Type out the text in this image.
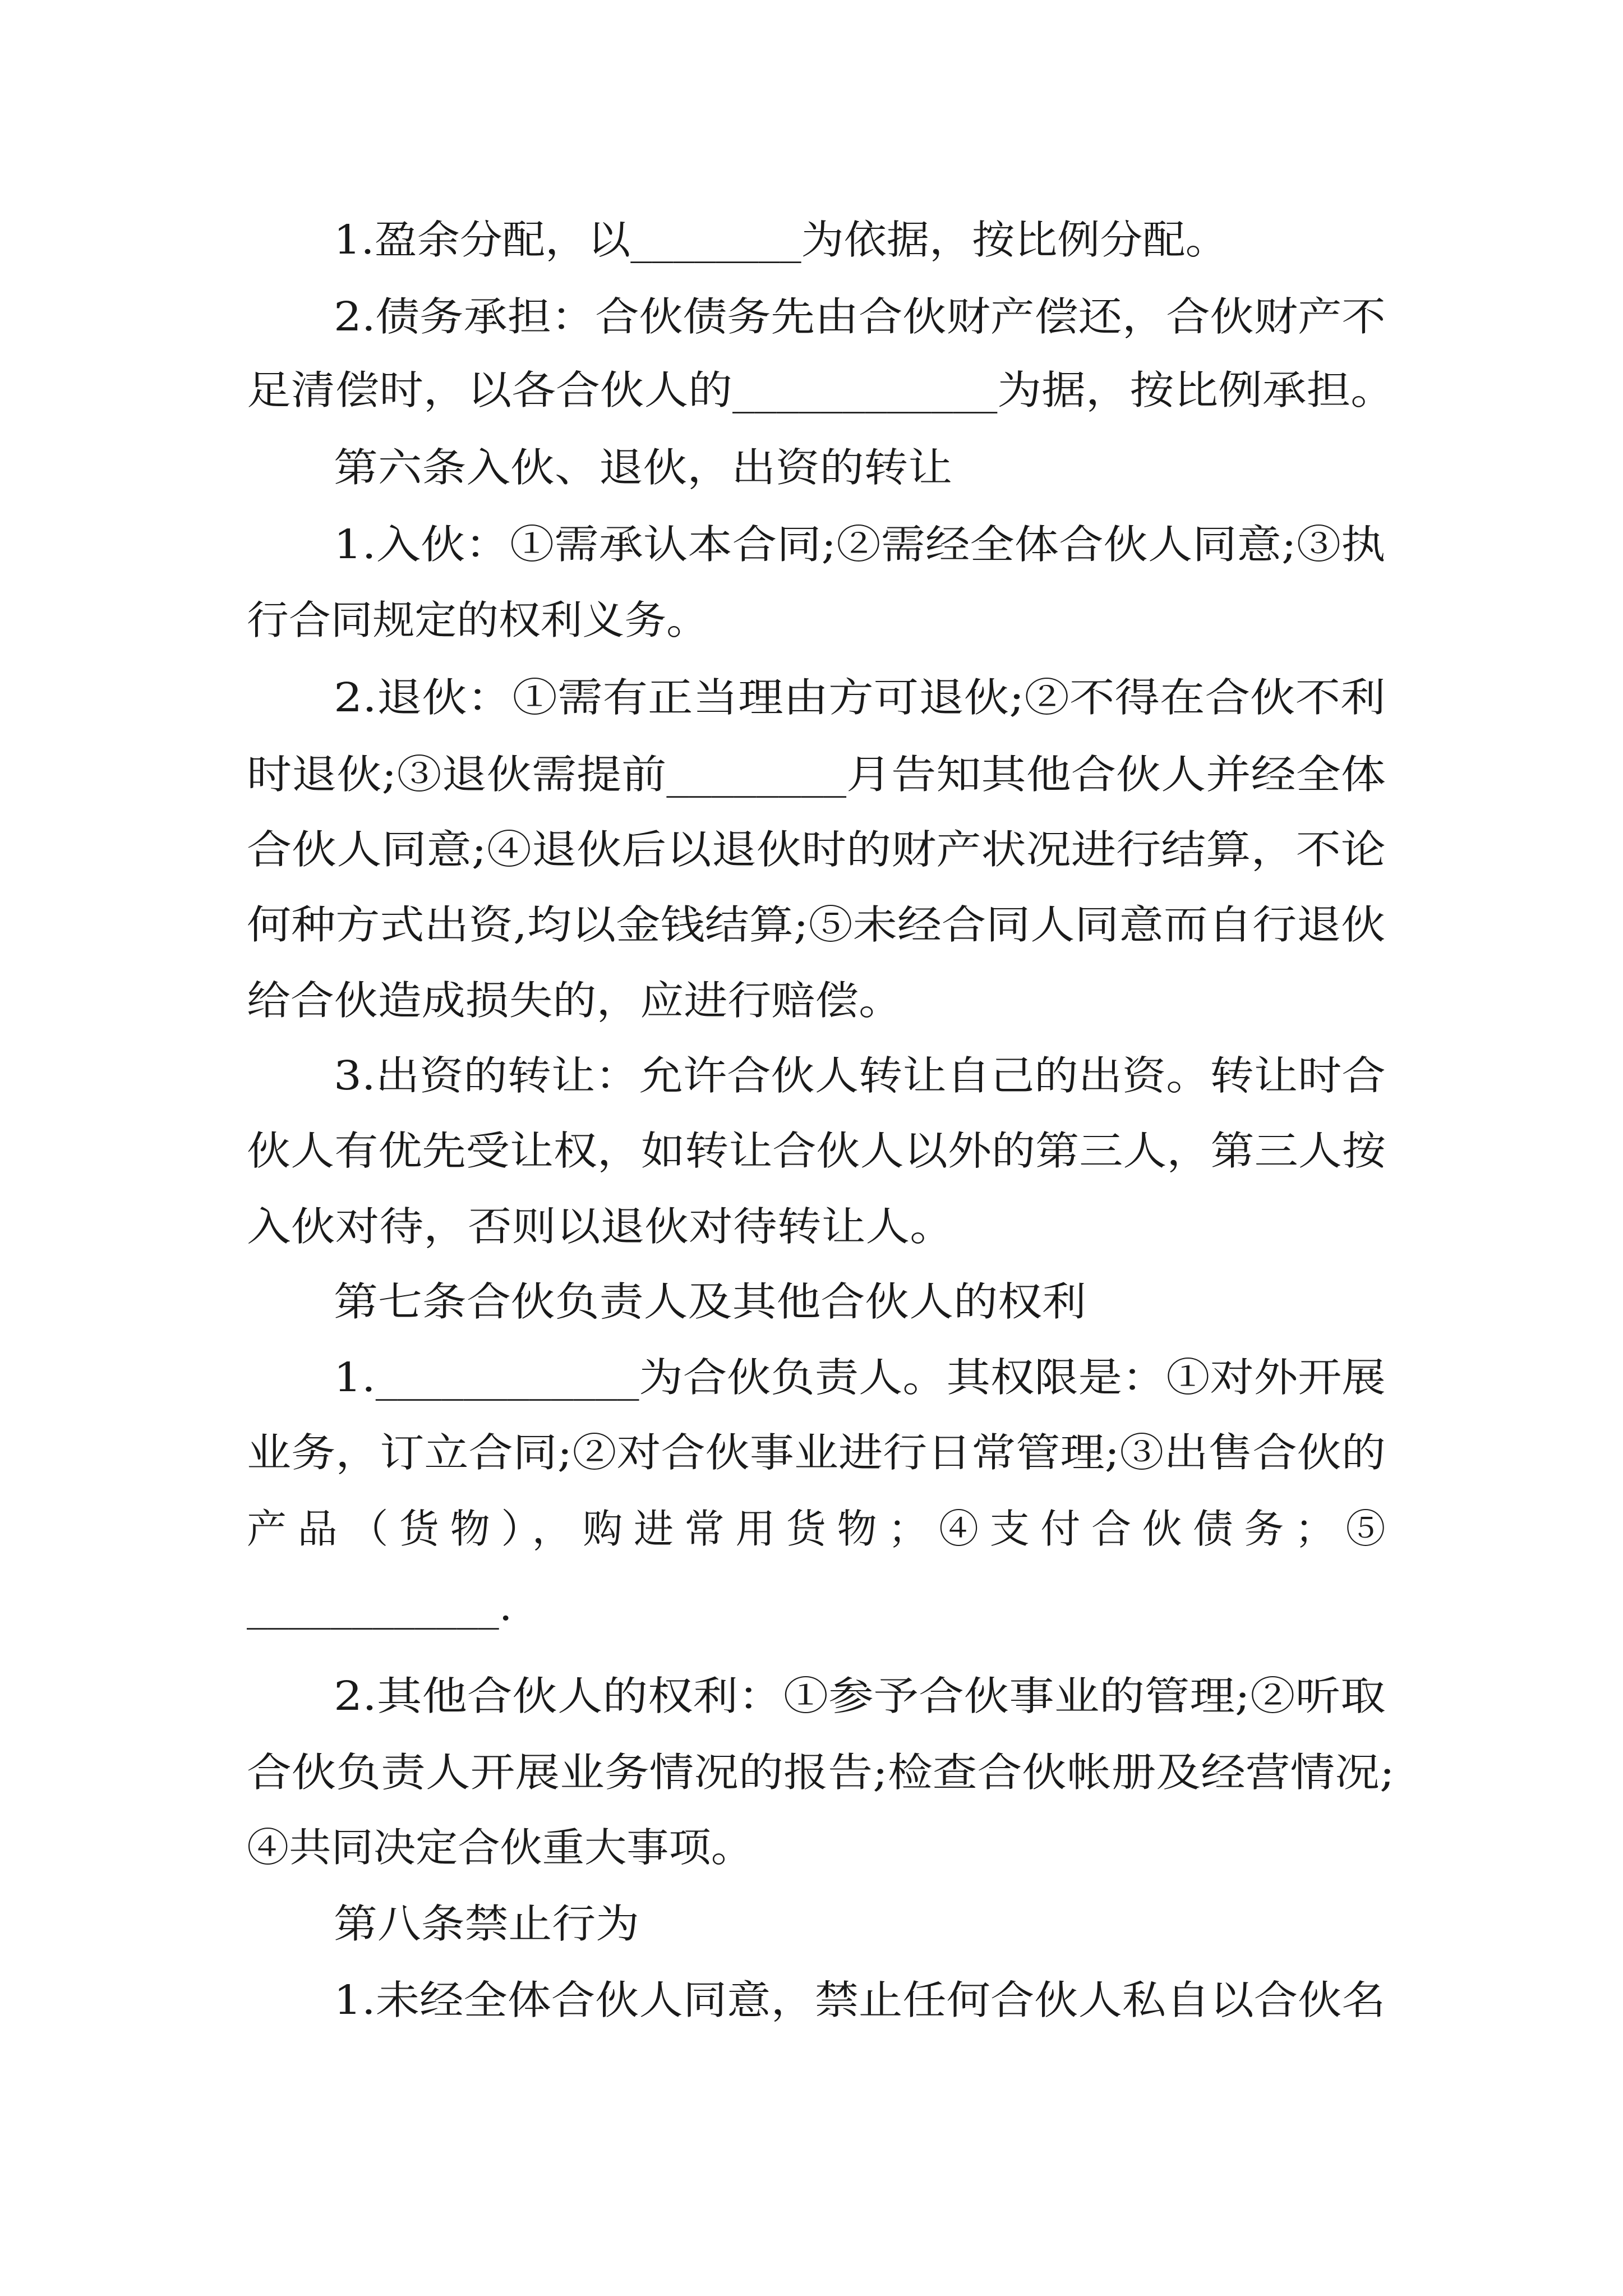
1.盈余分配，以________为依据，按比例分配。
2.债务承担：合伙债务先由合伙财产偿还，合伙财产不
足清偿时，以各合伙人的____________为据，按比例承担。
第六条入伙、退伙，出资的转让
1.入伙：①需承认本合同;②需经全体合伙人同意;③执
行合同规定的权利义务。
2.退伙：①需有正当理由方可退伙;②不得在合伙不利
时退伙;③退伙需提前________月告知其他合伙人并经全体
合伙人同意;④退伙后以退伙时的财产状况进行结算，不论
何种方式出资,均以金钱结算;⑤未经合同人同意而自行退伙
给合伙造成损失的，应进行赔偿。
3.出资的转让：允许合伙人转让自己的出资。转让时合
伙人有优先受让权，如转让合伙人以外的第三人，第三人按
入伙对待，否则以退伙对待转让人。
第七条合伙负责人及其他合伙人的权利
1.____________为合伙负责人。其权限是：①对外开展
业务，订立合同;②对合伙事业进行日常管理;③出售合伙的
产品（货物），购进常用货物；④支付合伙债务；⑤
____________.
2.其他合伙人的权利：①参予合伙事业的管理;②听取
合伙负责人开展业务情况的报告;检查合伙帐册及经营情况;
④共同决定合伙重大事项。
第八条禁止行为
1.未经全体合伙人同意，禁止任何合伙人私自以合伙名
